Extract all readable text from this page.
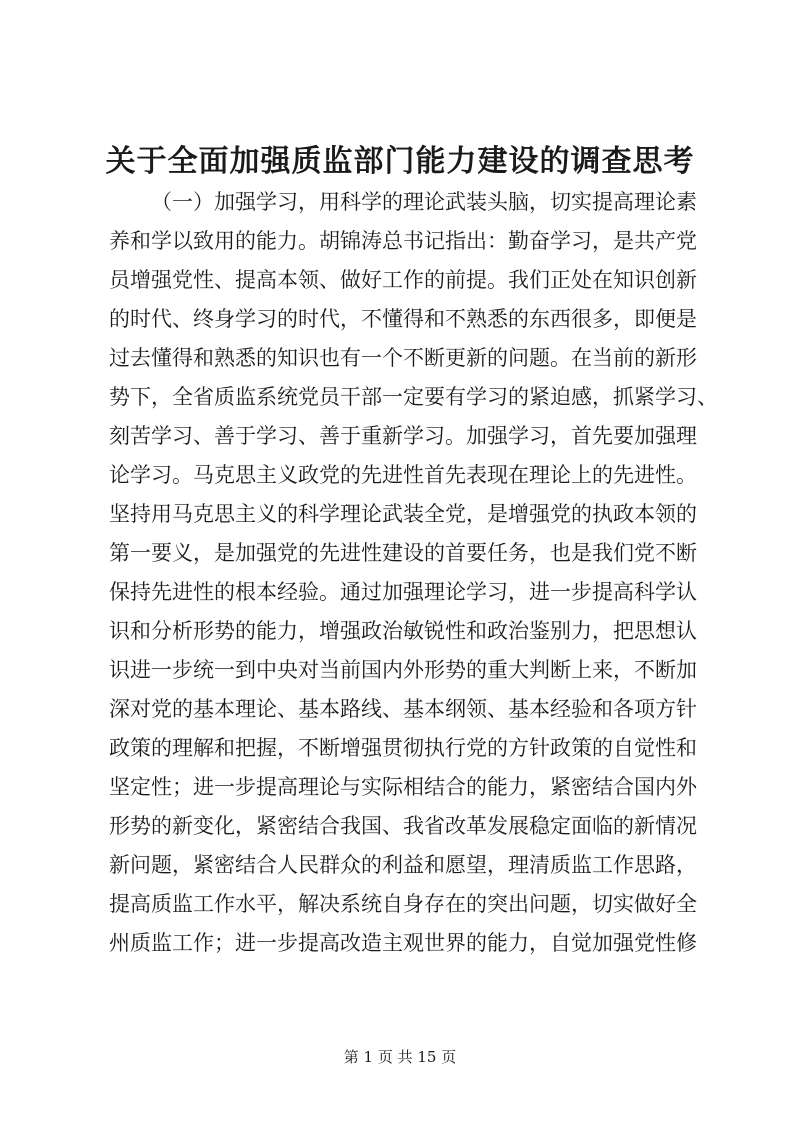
关于全面加强质监部门能力建设的调查思考
（一）加强学习，用科学的理论武装头脑，切实提高理论素
养和学以致用的能力。胡锦涛总书记指出：勤奋学习，是共产党
员增强党性、提高本领、做好工作的前提。我们正处在知识创新
的时代、终身学习的时代，不懂得和不熟悉的东西很多，即便是
过去懂得和熟悉的知识也有一个不断更新的问题。在当前的新形
势下，全省质监系统党员干部一定要有学习的紧迫感，抓紧学习、
刻苦学习、善于学习、善于重新学习。加强学习，首先要加强理
论学习。马克思主义政党的先进性首先表现在理论上的先进性。
坚持用马克思主义的科学理论武装全党，是增强党的执政本领的
第一要义，是加强党的先进性建设的首要任务，也是我们党不断
保持先进性的根本经验。通过加强理论学习，进一步提高科学认
识和分析形势的能力，增强政治敏锐性和政治鉴别力，把思想认
识进一步统一到中央对当前国内外形势的重大判断上来，不断加
深对党的基本理论、基本路线、基本纲领、基本经验和各项方针
政策的理解和把握，不断增强贯彻执行党的方针政策的自觉性和
坚定性；进一步提高理论与实际相结合的能力，紧密结合国内外
形势的新变化，紧密结合我国、我省改革发展稳定面临的新情况
新问题，紧密结合人民群众的利益和愿望，理清质监工作思路，
提高质监工作水平，解决系统自身存在的突出问题，切实做好全
州质监工作；进一步提高改造主观世界的能力，自觉加强党性修
第 1 页 共 15 页
